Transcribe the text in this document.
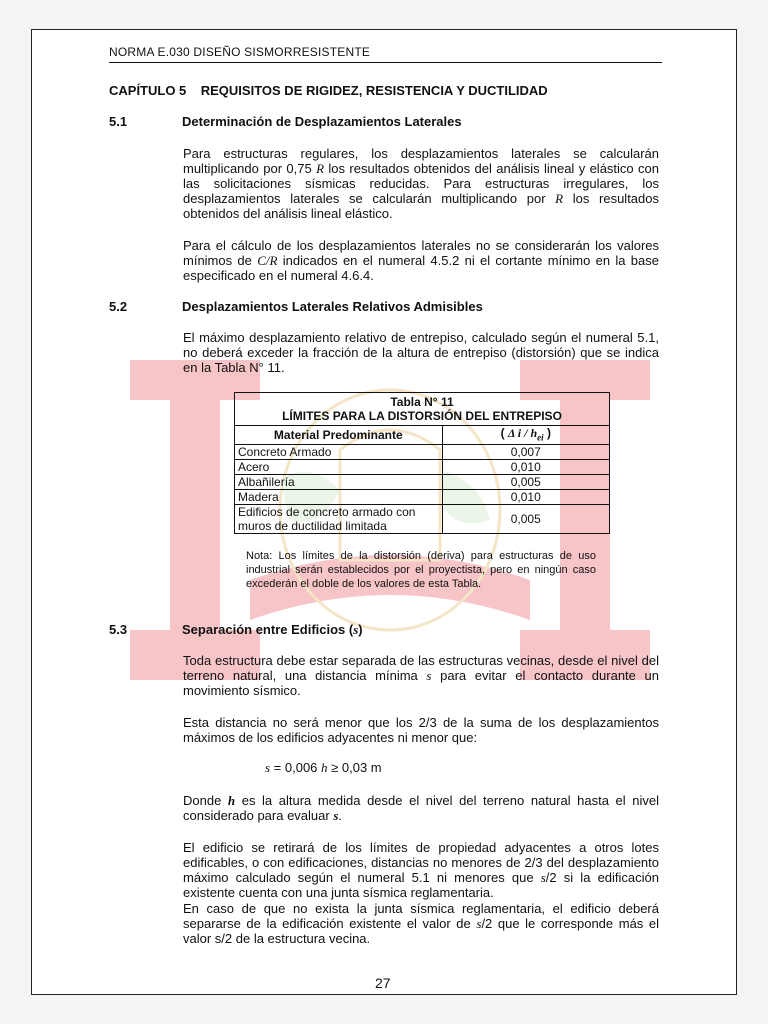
NORMA E.030 DISEÑO SISMORRESISTENTE
CAPÍTULO 5 REQUISITOS DE RIGIDEZ, RESISTENCIA Y DUCTILIDAD
5.1	Determinación de Desplazamientos Laterales
Para estructuras regulares, los desplazamientos laterales se calcularán multiplicando por 0,75 R los resultados obtenidos del análisis lineal y elástico con las solicitaciones sísmicas reducidas. Para estructuras irregulares, los desplazamientos laterales se calcularán multiplicando por R los resultados obtenidos del análisis lineal elástico.
Para el cálculo de los desplazamientos laterales no se considerarán los valores mínimos de C/R indicados en el numeral 4.5.2 ni el cortante mínimo en la base especificado en el numeral 4.6.4.
5.2	Desplazamientos Laterales Relativos Admisibles
El máximo desplazamiento relativo de entrepiso, calculado según el numeral 5.1, no deberá exceder la fracción de la altura de entrepiso (distorsión) que se indica en la Tabla N° 11.
Tabla N° 11
LÍMITES PARA LA DISTORSIÓN DEL ENTREPISO	

Material Predominante	( Δ i / $h_{ei}$ )
Concreto Armado	0,007
Acero	0,010
Albañilería	0,005
Madera	0,010
Edificios de concreto armado con muros de ductilidad limitada	0,005
Nota: Los límites de la distorsión (deriva) para estructuras de uso industrial serán establecidos por el proyectista, pero en ningún caso excederán el doble de los valores de esta Tabla.
5.3	Separación entre Edificios (s)
Toda estructura debe estar separada de las estructuras vecinas, desde el nivel del terreno natural, una distancia mínima s para evitar el contacto durante un movimiento sísmico.
Esta distancia no será menor que los 2/3 de la suma de los desplazamientos máximos de los edificios adyacentes ni menor que:
s = 0,006 h ≥ 0,03 m
Donde h es la altura medida desde el nivel del terreno natural hasta el nivel considerado para evaluar s.
El edificio se retirará de los límites de propiedad adyacentes a otros lotes edificables, o con edificaciones, distancias no menores de 2/3 del desplazamiento máximo calculado según el numeral 5.1 ni menores que s/2 si la edificación existente cuenta con una junta sísmica reglamentaria.
En caso de que no exista la junta sísmica reglamentaria, el edificio deberá separarse de la edificación existente el valor de s/2 que le corresponde más el valor s/2 de la estructura vecina.
27
